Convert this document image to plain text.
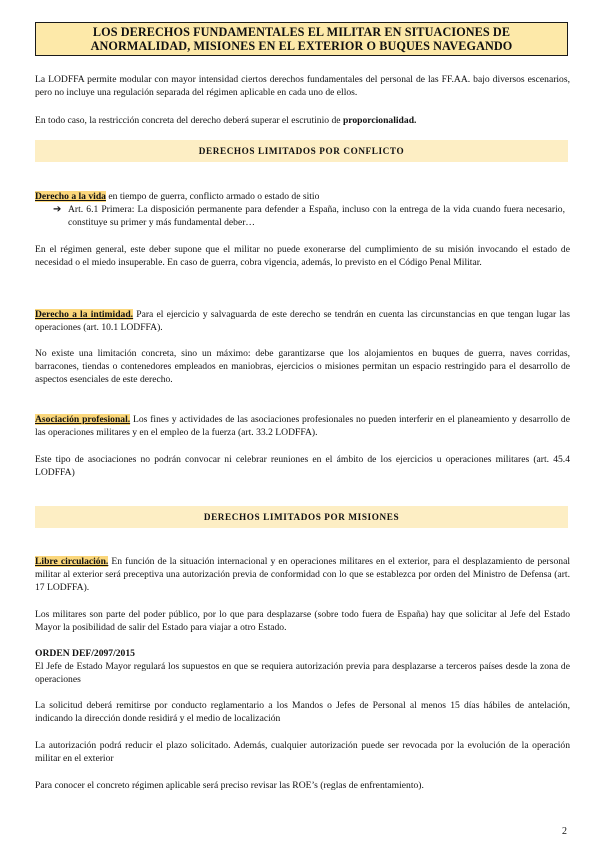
LOS DERECHOS FUNDAMENTALES EL MILITAR EN SITUACIONES DE
ANORMALIDAD, MISIONES EN EL EXTERIOR O BUQUES NAVEGANDO

La LODFFA permite modular con mayor intensidad ciertos derechos fundamentales del personal de las FF.AA. bajo diversos escenarios, pero no incluye una regulación separada del régimen aplicable en cada uno de ellos.

En todo caso, la restricción concreta del derecho deberá superar el escrutinio de proporcionalidad.

DERECHOS LIMITADOS POR CONFLICTO

Derecho a la vida en tiempo de guerra, conflicto armado o estado de sitio

➔ Art. 6.1 Primera: La disposición permanente para defender a España, incluso con la entrega de la vida cuando fuera necesario, constituye su primer y más fundamental deber…

En el régimen general, este deber supone que el militar no puede exonerarse del cumplimiento de su misión invocando el estado de necesidad o el miedo insuperable. En caso de guerra, cobra vigencia, además, lo previsto en el Código Penal Militar.

Derecho a la intimidad. Para el ejercicio y salvaguarda de este derecho se tendrán en cuenta las circunstancias en que tengan lugar las operaciones (art. 10.1 LODFFA).

No existe una limitación concreta, sino un máximo: debe garantizarse que los alojamientos en buques de guerra, naves corridas, barracones, tiendas o contenedores empleados en maniobras, ejercicios o misiones permitan un espacio restringido para el desarrollo de aspectos esenciales de este derecho.

Asociación profesional. Los fines y actividades de las asociaciones profesionales no pueden interferir en el planeamiento y desarrollo de las operaciones militares y en el empleo de la fuerza (art. 33.2 LODFFA).

Este tipo de asociaciones no podrán convocar ni celebrar reuniones en el ámbito de los ejercicios u operaciones militares (art. 45.4 LODFFA)

DERECHOS LIMITADOS POR MISIONES

Libre circulación. En función de la situación internacional y en operaciones militares en el exterior, para el desplazamiento de personal militar al exterior será preceptiva una autorización previa de conformidad con lo que se establezca por orden del Ministro de Defensa (art. 17 LODFFA).

Los militares son parte del poder público, por lo que para desplazarse (sobre todo fuera de España) hay que solicitar al Jefe del Estado Mayor la posibilidad de salir del Estado para viajar a otro Estado.

ORDEN DEF/2097/2015

El Jefe de Estado Mayor regulará los supuestos en que se requiera autorización previa para desplazarse a terceros países desde la zona de operaciones

La solicitud deberá remitirse por conducto reglamentario a los Mandos o Jefes de Personal al menos 15 días hábiles de antelación, indicando la dirección donde residirá y el medio de localización

La autorización podrá reducir el plazo solicitado. Además, cualquier autorización puede ser revocada por la evolución de la operación militar en el exterior

Para conocer el concreto régimen aplicable será preciso revisar las ROE’s (reglas de enfrentamiento).

2
